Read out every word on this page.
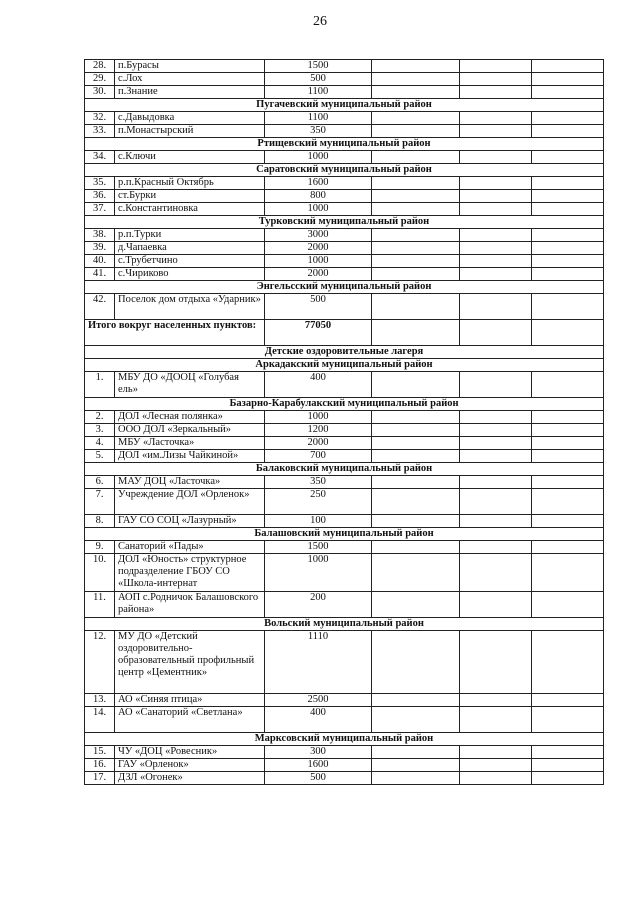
26
28.	п.Бурасы	1500			
29.	с.Лох	500			
30.	п.Знание	1100			
Пугачевский муниципальный район					
32.	с.Давыдовка	1100			
33.	п.Монастырский	350			
Ртищевский муниципальный район					
34.	с.Ключи	1000			
Саратовский муниципальный район					
35.	р.п.Красный Октябрь	1600			
36.	ст.Бурки	800			
37.	с.Константиновка	1000			
Турковский муниципальный район					
38.	р.п.Турки	3000			
39.	д.Чапаевка	2000			
40.	с.Трубетчино	1000			
41.	с.Чириково	2000			
Энгельсский муниципальный район					
42.	Поселок дом отдыха «Ударник»	500			
Итого вокруг населенных пунктов:		77050			
Детские оздоровительные лагеря					
Аркадакский муниципальный район					
1.	МБУ ДО «ДООЦ «Голубая ель»	400			
Базарно-Карабулакский муниципальный район					
2.	ДОЛ «Лесная полянка»	1000			
3.	ООО ДОЛ «Зеркальный»	1200			
4.	МБУ «Ласточка»	2000			
5.	ДОЛ «им.Лизы Чайкиной»	700			
Балаковский муниципальный район					
6.	МАУ ДОЦ «Ласточка»	350			
7.	Учреждение ДОЛ «Орленок»	250			
8.	ГАУ СО СОЦ «Лазурный»	100			
Балашовский муниципальный район					
9.	Санаторий «Пады»	1500			
10.	ДОЛ «Юность» структурное подразделение ГБОУ СО «Школа-интернат	1000			
11.	АОП с.Родничок Балашовского района»	200			
Вольский муниципальный район					
12.	МУ ДО «Детский оздоровительно-образовательный профильный центр «Цементник»	1110			
13.	АО «Синяя птица»	2500			
14.	АО «Санаторий «Светлана»	400			
Марксовский муниципальный район					
15.	ЧУ «ДОЦ «Ровесник»	300			
16.	ГАУ «Орленок»	1600			
17.	ДЗЛ «Огонек»	500			
